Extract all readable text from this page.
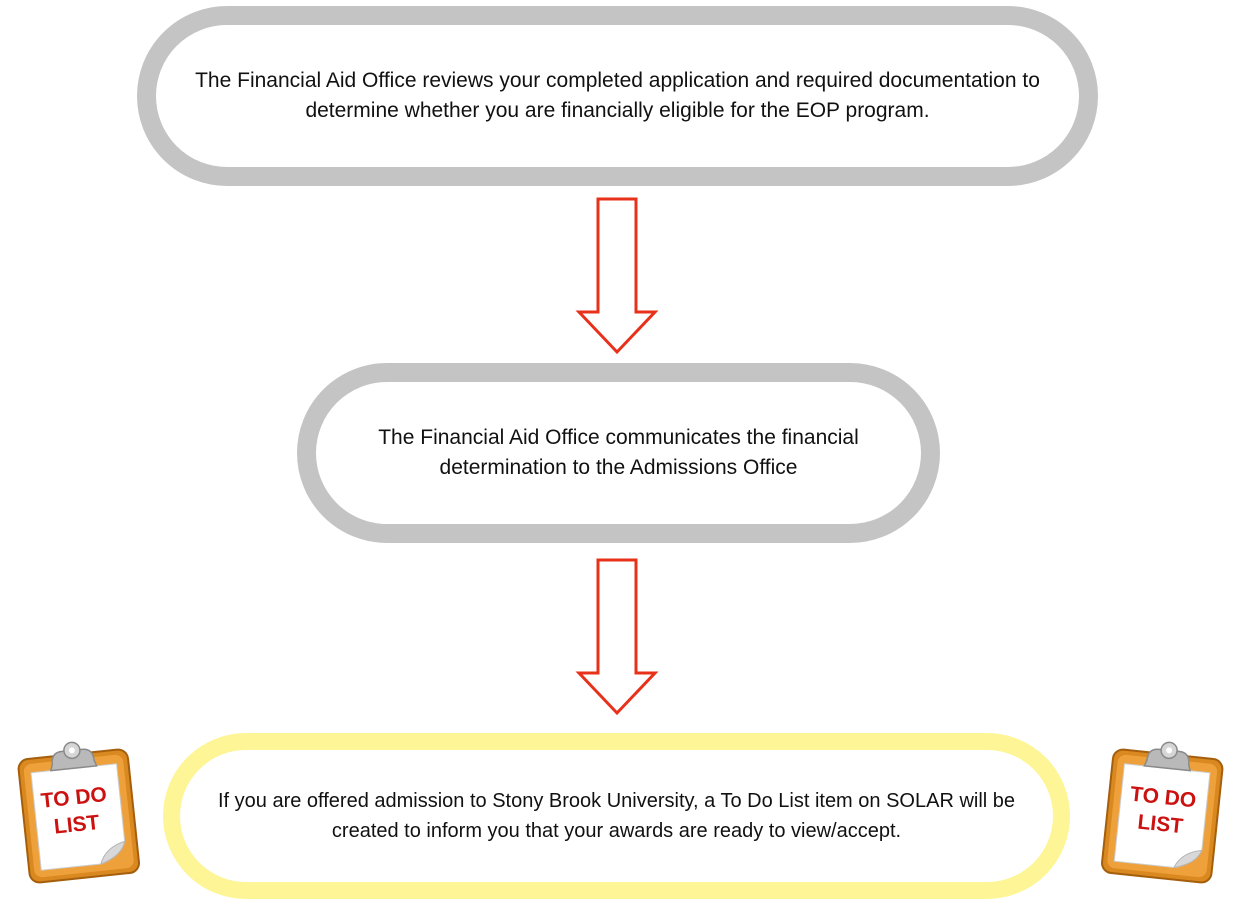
The Financial Aid Office reviews your completed application and required documentation to determine whether you are financially eligible for the EOP program.
The Financial Aid Office communicates the financial determination to the Admissions Office
If you are offered admission to Stony Brook University, a To Do List item on SOLAR will be created to inform you that your awards are ready to view/accept.
TO DO
LIST
TO DO
LIST
